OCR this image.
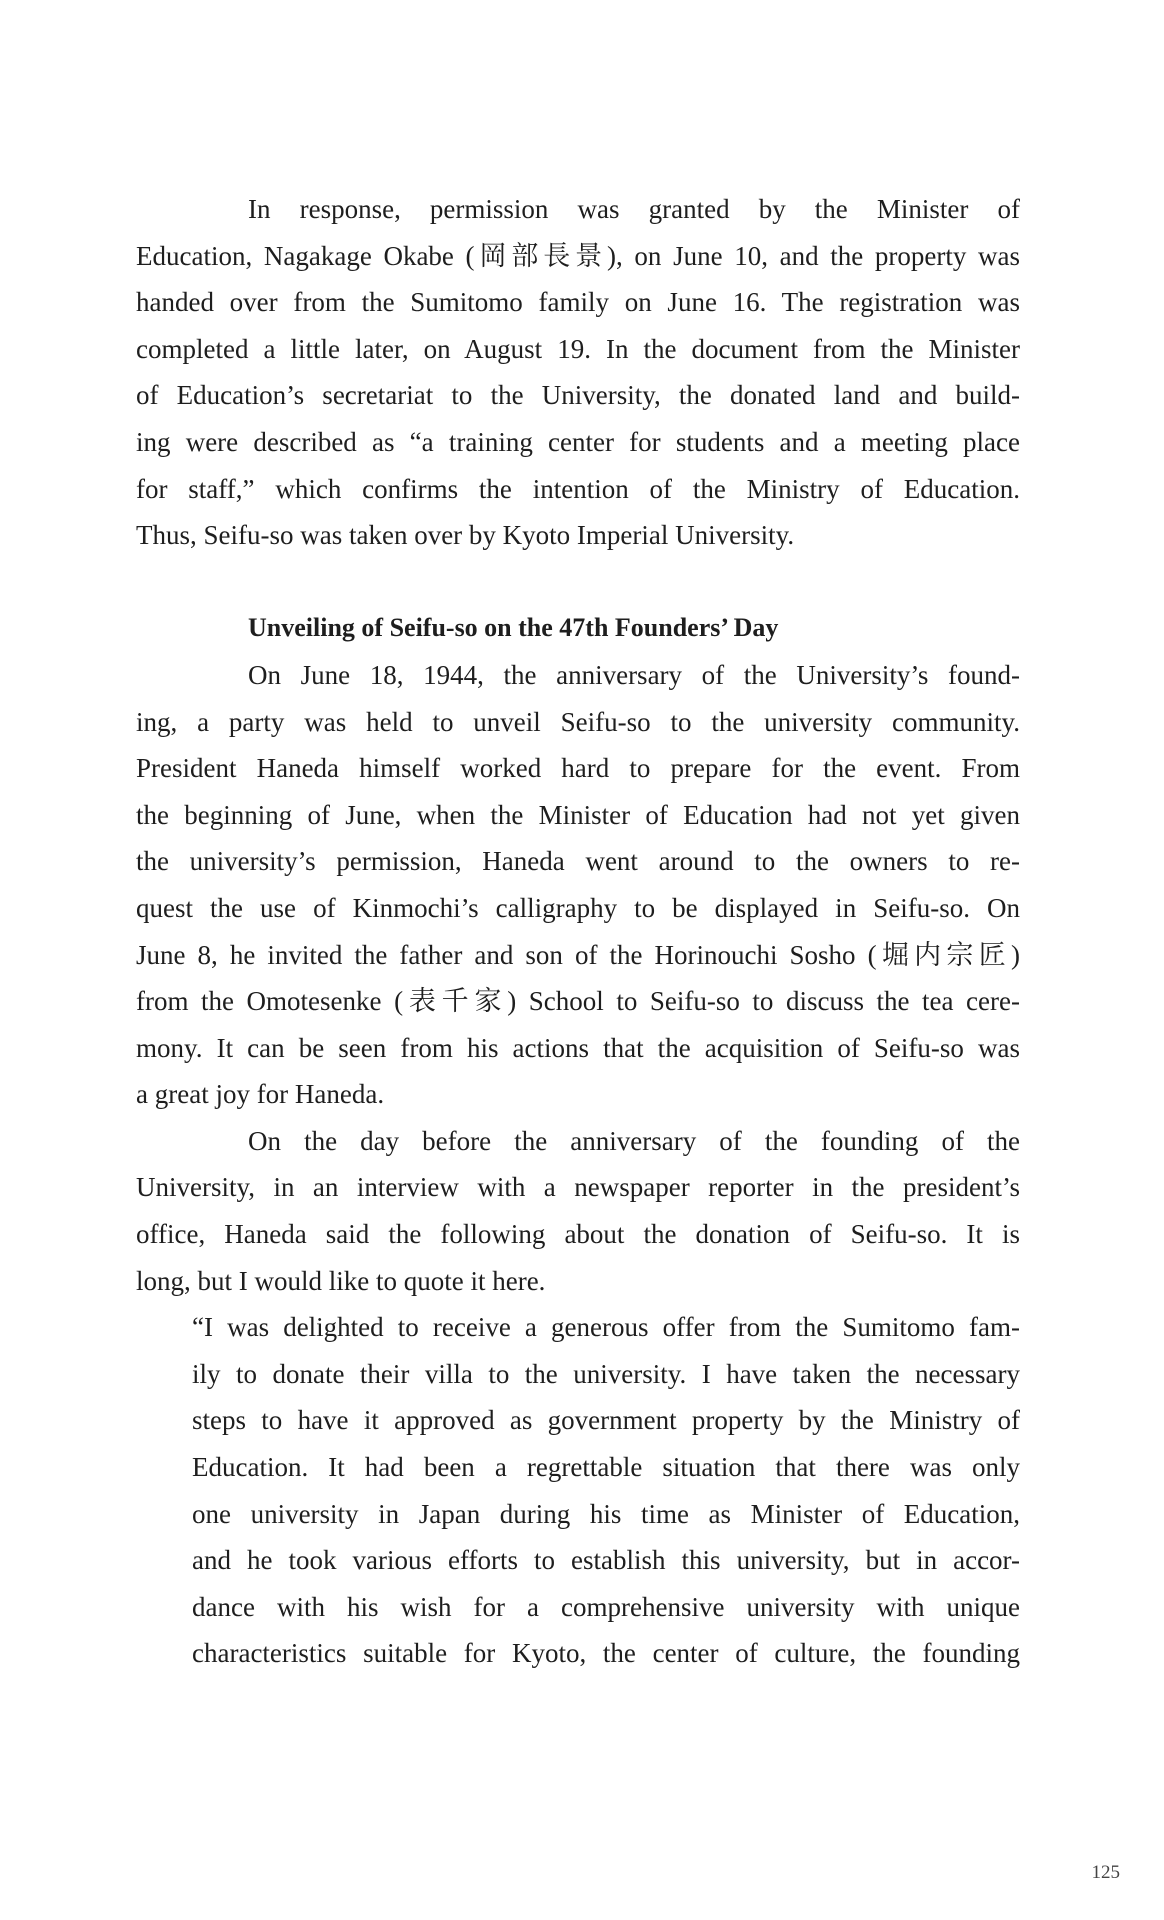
In response, permission was granted by the Minister of
Education, Nagakage Okabe (岡部長景), on June 10, and the property was
handed over from the Sumitomo family on June 16. The registration was
completed a little later, on August 19. In the document from the Minister
of Education’s secretariat to the University, the donated land and build-
ing were described as “a training center for students and a meeting place
for staff,” which confirms the intention of the Ministry of Education.
Thus, Seifu-so was taken over by Kyoto Imperial University.
Unveiling of Seifu-so on the 47th Founders’ Day
On June 18, 1944, the anniversary of the University’s found-
ing, a party was held to unveil Seifu-so to the university community.
President Haneda himself worked hard to prepare for the event. From
the beginning of June, when the Minister of Education had not yet given
the university’s permission, Haneda went around to the owners to re-
quest the use of Kinmochi’s calligraphy to be displayed in Seifu-so. On
June 8, he invited the father and son of the Horinouchi Sosho (堀内宗匠)
from the Omotesenke (表千家) School to Seifu-so to discuss the tea cere-
mony. It can be seen from his actions that the acquisition of Seifu-so was
a great joy for Haneda.
On the day before the anniversary of the founding of the
University, in an interview with a newspaper reporter in the president’s
office, Haneda said the following about the donation of Seifu-so. It is
long, but I would like to quote it here.
“I was delighted to receive a generous offer from the Sumitomo fam-
ily to donate their villa to the university. I have taken the necessary
steps to have it approved as government property by the Ministry of
Education. It had been a regrettable situation that there was only
one university in Japan during his time as Minister of Education,
and he took various efforts to establish this university, but in accor-
dance with his wish for a comprehensive university with unique
characteristics suitable for Kyoto, the center of culture, the founding
125
